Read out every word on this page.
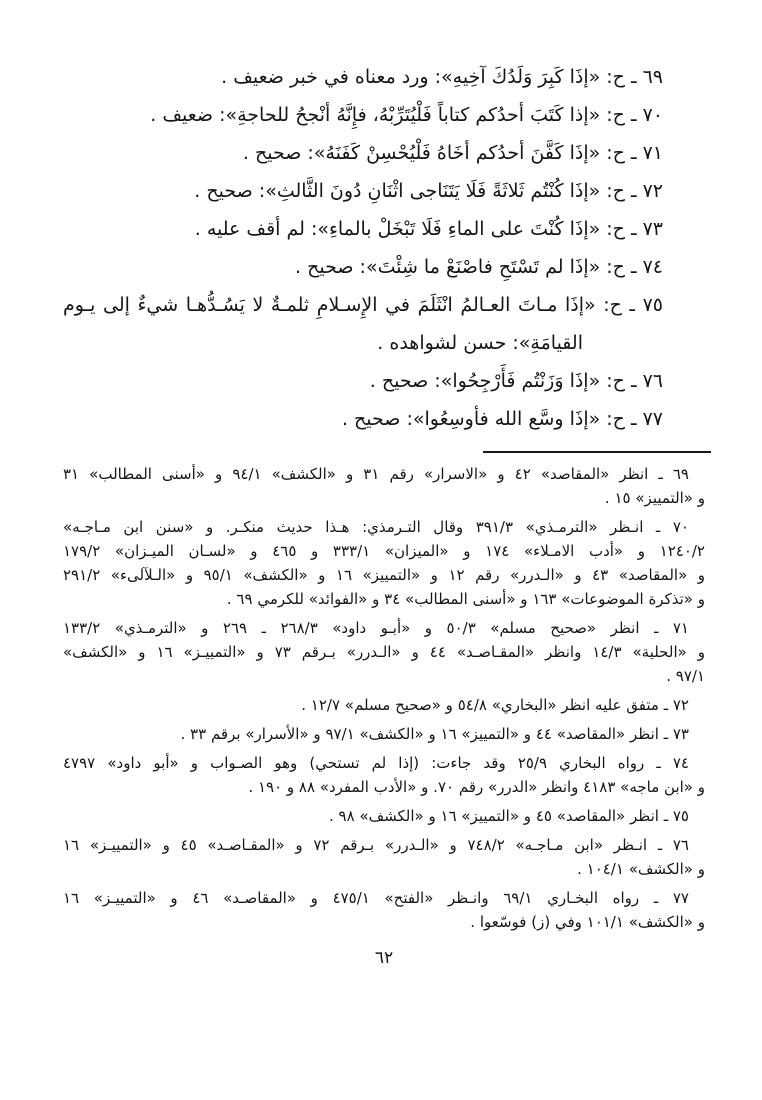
٦٩ ـ ح: «إذَا كَبِرَ وَلَدُكَ آخِيهِ»: ورد معناه في خبر ضعيف .
٧٠ ـ ح: «إذا كَتَبَ أحدُكم كتاباً فَلْيُتَرِّبْهُ، فإِنَّهُ أنْجحُ للحاجةِ»: ضعيف .
٧١ ـ ح: «إذَا كَفَّنَ أحدُكم أخَاهُ فَلْيُحْسِنْ كَفَنَهُ»: صحيح .
٧٢ ـ ح: «إذَا كُنْتُم ثَلاثَةً فَلَا يَتَنَاجى اثْنَانِ دُونَ الثَّالثِ»: صحيح .
٧٣ ـ ح: «إذَا كُنْتَ على الماءِ فَلَا تَبْخَلْ بالماءِ»: لم أقف عليه .
٧٤ ـ ح: «إذَا لم تَسْتَحِ فاصْنَعْ ما شِئْتَ»: صحيح .
٧٥ ـ ح: «إذَا مـاتَ العـالمُ انْثَلَمَ في الإِسـلامِ ثلمـةٌ لا يَسُـدُّهـا شيءٌ إلى يـوم
القيامَةِ»: حسن لشواهده .
٧٦ ـ ح: «إذَا وَزَنْتُم فَأَرْجِحُوا»: صحيح .
٧٧ ـ ح: «إذَا وسَّع الله فأوسِعُوا»: صحيح .
٦٩ ـ انظر «المقاصد» ٤٢ و «الاسرار» رقم ٣١ و «الكشف» ٩٤/١ و «أسنى المطالب» ٣١
و «التمييز» ١٥ .
٧٠ ـ انـظر «الترمـذي» ٣٩١/٣ وقال التـرمذي: هـذا حديث منكـر. و «سنن ابن مـاجـه»
١٢٤٠/٢ و «أدب الامـلاء» ١٧٤ و «الميزان» ٣٣٣/١ و ٤٦٥ و «لسـان الميـزان» ١٧٩/٢
و «المقاصد» ٤٣ و «الـدرر» رقم ١٢ و «التمييز» ١٦ و «الكشف» ٩٥/١ و «الـلآلىء» ٢٩١/٢
و «تذكرة الموضوعات» ١٦٣ و «أسنى المطالب» ٣٤ و «الفوائد» للكرمي ٦٩ .
٧١ ـ انظر «صحيح مسلم» ٥٠/٣ و «أبـو داود» ٢٦٨/٣ ـ ٢٦٩ و «الترمـذي» ١٣٣/٢
و «الحلية» ١٤/٣ وانظر «المقـاصـد» ٤٤ و «الـدرر» بـرقم ٧٣ و «التمييـز» ١٦ و «الكشف»
٩٧/١ .
٧٢ ـ متفق عليه انظر «البخاري» ٥٤/٨ و «صحيح مسلم» ١٢/٧ .
٧٣ ـ انظر «المقاصد» ٤٤ و «التمييز» ١٦ و «الكشف» ٩٧/١ و «الأسرار» برقم ٣٣ .
٧٤ ـ رواه البخاري ٢٥/٩ وقد جاءت: (إذا لم تستحي) وهو الصـواب و «أبو داود» ٤٧٩٧
و «ابن ماجه» ٤١٨٣ وانظر «الدرر» رقم ٧٠. و «الأدب المفرد» ٨٨ و ١٩٠ .
٧٥ ـ انظر «المقاصد» ٤٥ و «التمييز» ١٦ و «الكشف» ٩٨ .
٧٦ ـ انـظر «ابن مـاجـه» ٧٤٨/٢ و «الـدرر» بـرقم ٧٢ و «المقـاصـد» ٤٥ و «التمييـز» ١٦
و «الكشف» ١٠٤/١ .
٧٧ ـ رواه البخـاري ٦٩/١ وانـظر «الفتح» ٤٧٥/١ و «المقاصـد» ٤٦ و «التمييـز» ١٦
و «الكشف» ١٠١/١ وفي (ز) فوسّعوا .
٦٢
